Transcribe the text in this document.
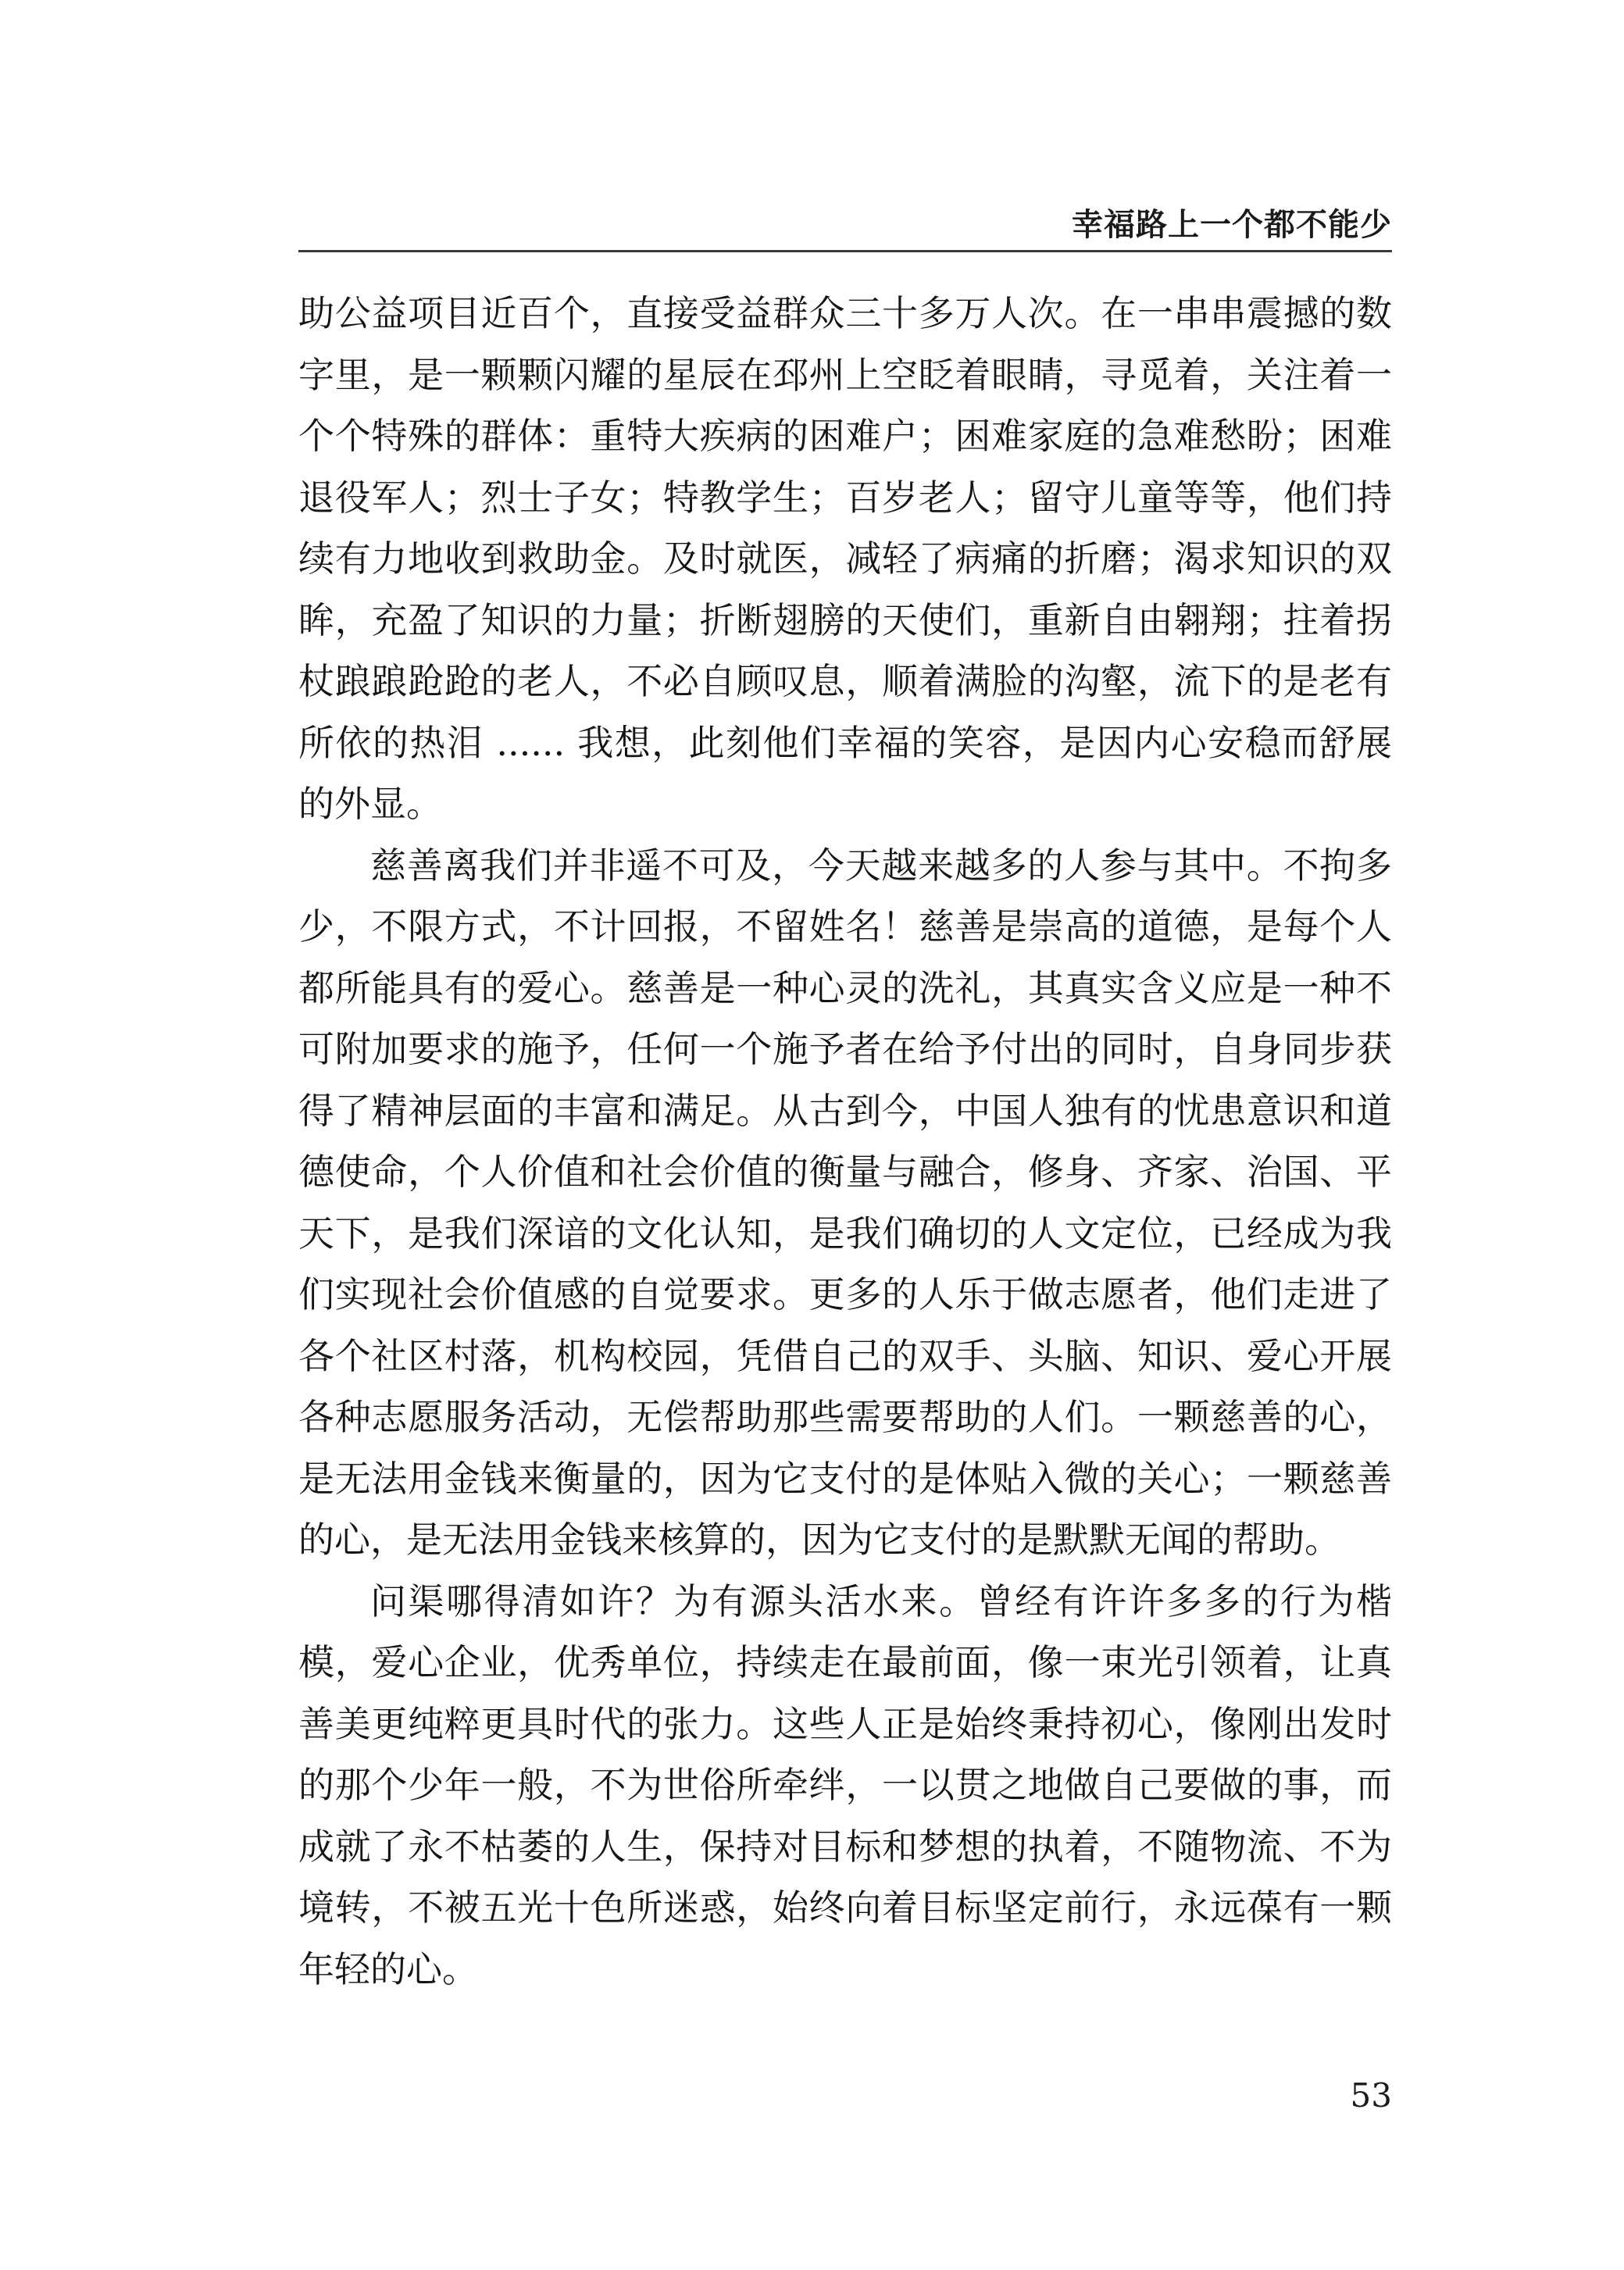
幸福路上一个都不能少

助公益项目近百个，直接受益群众三十多万人次。在一串串震撼的数字里，是一颗颗闪耀的星辰在邳州上空眨着眼睛，寻觅着，关注着一个个特殊的群体：重特大疾病的困难户；困难家庭的急难愁盼；困难退役军人；烈士子女；特教学生；百岁老人；留守儿童等等，他们持续有力地收到救助金。及时就医，减轻了病痛的折磨；渴求知识的双眸，充盈了知识的力量；折断翅膀的天使们，重新自由翱翔；拄着拐杖踉踉跄跄的老人，不必自顾叹息，顺着满脸的沟壑，流下的是老有所依的热泪 ...... 我想，此刻他们幸福的笑容，是因内心安稳而舒展的外显。

慈善离我们并非遥不可及，今天越来越多的人参与其中。不拘多少，不限方式，不计回报，不留姓名！慈善是崇高的道德，是每个人都所能具有的爱心。慈善是一种心灵的洗礼，其真实含义应是一种不可附加要求的施予，任何一个施予者在给予付出的同时，自身同步获得了精神层面的丰富和满足。从古到今，中国人独有的忧患意识和道德使命，个人价值和社会价值的衡量与融合，修身、齐家、治国、平天下，是我们深谙的文化认知，是我们确切的人文定位，已经成为我们实现社会价值感的自觉要求。更多的人乐于做志愿者，他们走进了各个社区村落，机构校园，凭借自己的双手、头脑、知识、爱心开展各种志愿服务活动，无偿帮助那些需要帮助的人们。一颗慈善的心，是无法用金钱来衡量的，因为它支付的是体贴入微的关心；一颗慈善的心，是无法用金钱来核算的，因为它支付的是默默无闻的帮助。

问渠哪得清如许？为有源头活水来。曾经有许许多多的行为楷模，爱心企业，优秀单位，持续走在最前面，像一束光引领着，让真善美更纯粹更具时代的张力。这些人正是始终秉持初心，像刚出发时的那个少年一般，不为世俗所牵绊，一以贯之地做自己要做的事，而成就了永不枯萎的人生，保持对目标和梦想的执着，不随物流、不为境转，不被五光十色所迷惑，始终向着目标坚定前行，永远葆有一颗年轻的心。

53
